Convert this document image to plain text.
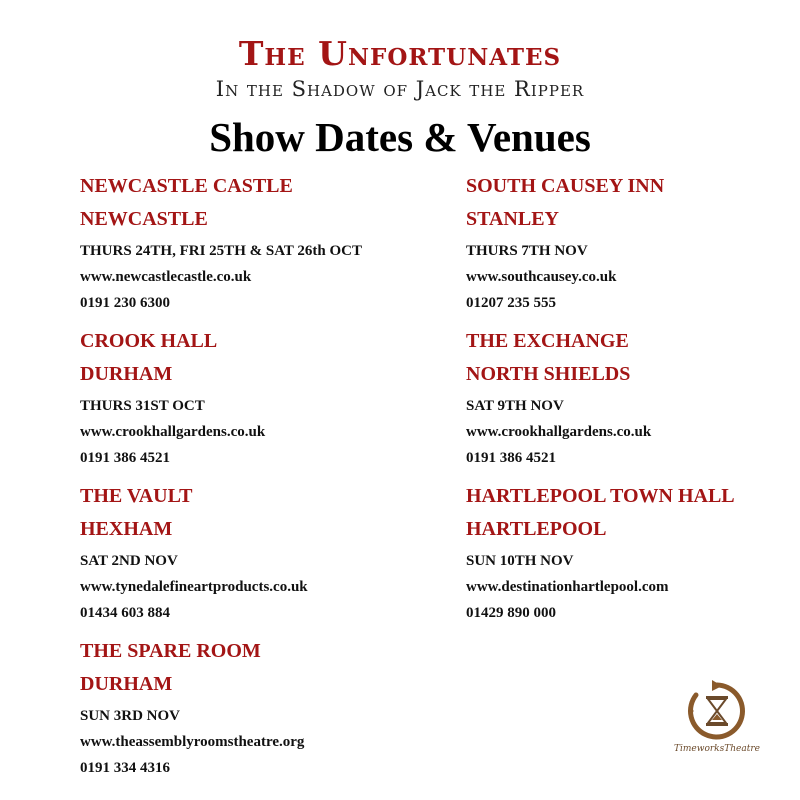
The Unfortunates
In the Shadow of Jack the Ripper
Show Dates & Venues
NEWCASTLE CASTLE
NEWCASTLE
THURS 24TH, FRI 25TH & SAT 26th OCT
www.newcastlecastle.co.uk
0191 230 6300
CROOK HALL
DURHAM
THURS 31ST OCT
www.crookhallgardens.co.uk
0191 386 4521
THE VAULT
HEXHAM
SAT 2ND NOV
www.tynedalefineartproducts.co.uk
01434 603 884
THE SPARE ROOM
DURHAM
SUN 3RD NOV
www.theassemblyroomstheatre.org
0191 334 4316
SOUTH CAUSEY INN
STANLEY
THURS 7TH NOV
www.southcausey.co.uk
01207 235 555
THE EXCHANGE
NORTH SHIELDS
SAT 9TH NOV
www.crookhallgardens.co.uk
0191 386 4521
HARTLEPOOL TOWN HALL
HARTLEPOOL
SUN 10TH NOV
www.destinationhartlepool.com
01429 890 000
TimeworksTheatre
